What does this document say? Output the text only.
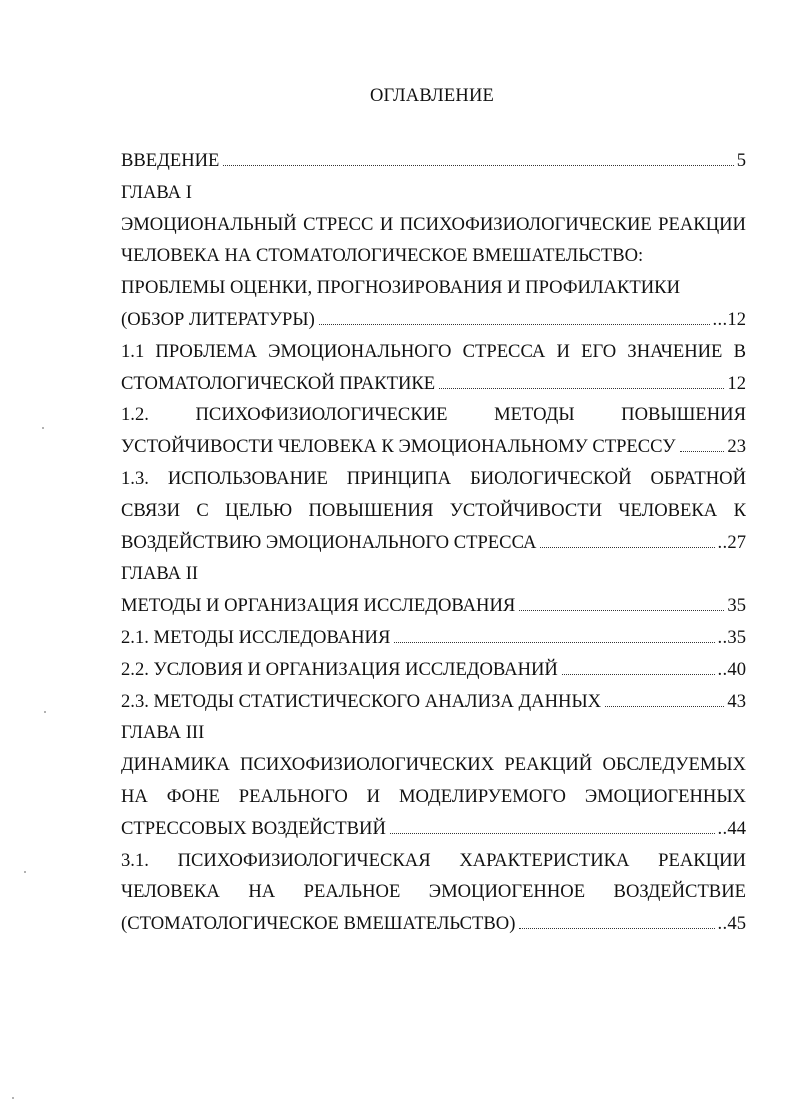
ОГЛАВЛЕНИЕ
ВВЕДЕНИЕ	5
ГЛАВА I
ЭМОЦИОНАЛЬНЫЙ СТРЕСС И ПСИХОФИЗИОЛОГИЧЕСКИЕ РЕАКЦИИ
ЧЕЛОВЕКА НА СТОМАТОЛОГИЧЕСКОЕ ВМЕШАТЕЛЬСТВО:
ПРОБЛЕМЫ ОЦЕНКИ, ПРОГНОЗИРОВАНИЯ И ПРОФИЛАКТИКИ
(ОБЗОР ЛИТЕРАТУРЫ)	... 12
1.1 ПРОБЛЕМА ЭМОЦИОНАЛЬНОГО СТРЕССА И ЕГО ЗНАЧЕНИЕ В
СТОМАТОЛОГИЧЕСКОЙ ПРАКТИКЕ	12
1.2. ПСИХОФИЗИОЛОГИЧЕСКИЕ МЕТОДЫ ПОВЫШЕНИЯ
УСТОЙЧИВОСТИ ЧЕЛОВЕКА К ЭМОЦИОНАЛЬНОМУ СТРЕССУ	23
1.3. ИСПОЛЬЗОВАНИЕ ПРИНЦИПА БИОЛОГИЧЕСКОЙ ОБРАТНОЙ
СВЯЗИ С ЦЕЛЬЮ ПОВЫШЕНИЯ УСТОЙЧИВОСТИ ЧЕЛОВЕКА К
ВОЗДЕЙСТВИЮ ЭМОЦИОНАЛЬНОГО СТРЕССА	.. 27
ГЛАВА II
МЕТОДЫ И ОРГАНИЗАЦИЯ ИССЛЕДОВАНИЯ	35
2.1. МЕТОДЫ ИССЛЕДОВАНИЯ	.. 35
2.2. УСЛОВИЯ И ОРГАНИЗАЦИЯ ИССЛЕДОВАНИЙ	.. 40
2.3. МЕТОДЫ СТАТИСТИЧЕСКОГО АНАЛИЗА ДАННЫХ	43
ГЛАВА III
ДИНАМИКА ПСИХОФИЗИОЛОГИЧЕСКИХ РЕАКЦИЙ ОБСЛЕДУЕМЫХ
НА ФОНЕ РЕАЛЬНОГО И МОДЕЛИРУЕМОГО ЭМОЦИОГЕННЫХ
СТРЕССОВЫХ ВОЗДЕЙСТВИЙ	.. 44
3.1. ПСИХОФИЗИОЛОГИЧЕСКАЯ ХАРАКТЕРИСТИКА РЕАКЦИИ
ЧЕЛОВЕКА НА РЕАЛЬНОЕ ЭМОЦИОГЕННОЕ ВОЗДЕЙСТВИЕ
(СТОМАТОЛОГИЧЕСКОЕ ВМЕШАТЕЛЬСТВО)	.. 45
